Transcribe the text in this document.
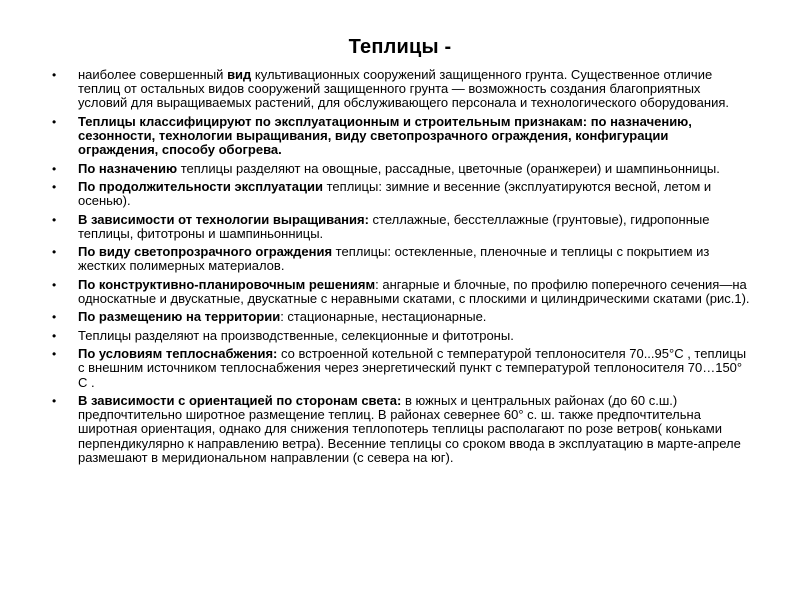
Теплицы -
• наиболее совершенный вид культивационных сооружений защищенного грунта. Существенное отличие теплиц от остальных видов сооружений защищенного грунта — возможность создания благоприятных условий для выращиваемых растений, для обслуживающего персонала и технологического оборудования.
• Теплицы классифицируют по эксплуатационным и строительным признакам: по назначению, сезонности, технологии выращивания, виду светопрозрачного ограждения, конфигурации ограждения, способу обогрева.
• По назначению теплицы разделяют на овощные, рассадные, цветочные (оранжереи) и шампиньонницы.
• По продолжительности эксплуатации теплицы: зимние и весенние (эксплуатируются весной, летом и осенью).
• В зависимости от технологии выращивания: стеллажные, бесстеллажные (грунтовые), гидропонные теплицы, фитотроны и шампиньонницы.
• По виду светопрозрачного ограждения теплицы: остекленные, пленочные и теплицы с покрытием из жестких полимерных материалов.
• По конструктивно-планировочным решениям: ангарные и блочные, по профилю поперечного сечения—на односкатные и двускатные, двускатные с неравными скатами, с плоскими и цилиндрическими скатами (рис.1).
• По размещению на территории: стационарные, нестационарные.
• Теплицы разделяют на производственные, селекционные и фитотроны.
• По условиям теплоснабжения: со встроенной котельной с температурой теплоносителя 70...95°C , теплицы с внешним источником теплоснабжения через энергетический пункт с температурой теплоносителя 70…150° С .
• В зависимости с ориентацией по сторонам света: в южных и центральных районах (до 60 с.ш.) предпочтительно широтное размещение теплиц. В районах севернее 60° с. ш. также предпочтительна широтная ориентация, однако для снижения теплопотерь теплицы располагают по розе ветров( коньками перпендикулярно к направлению ветра). Весенние теплицы со сроком ввода в эксплуатацию в марте-апреле размешают в меридиональном направлении (с севера на юг).
